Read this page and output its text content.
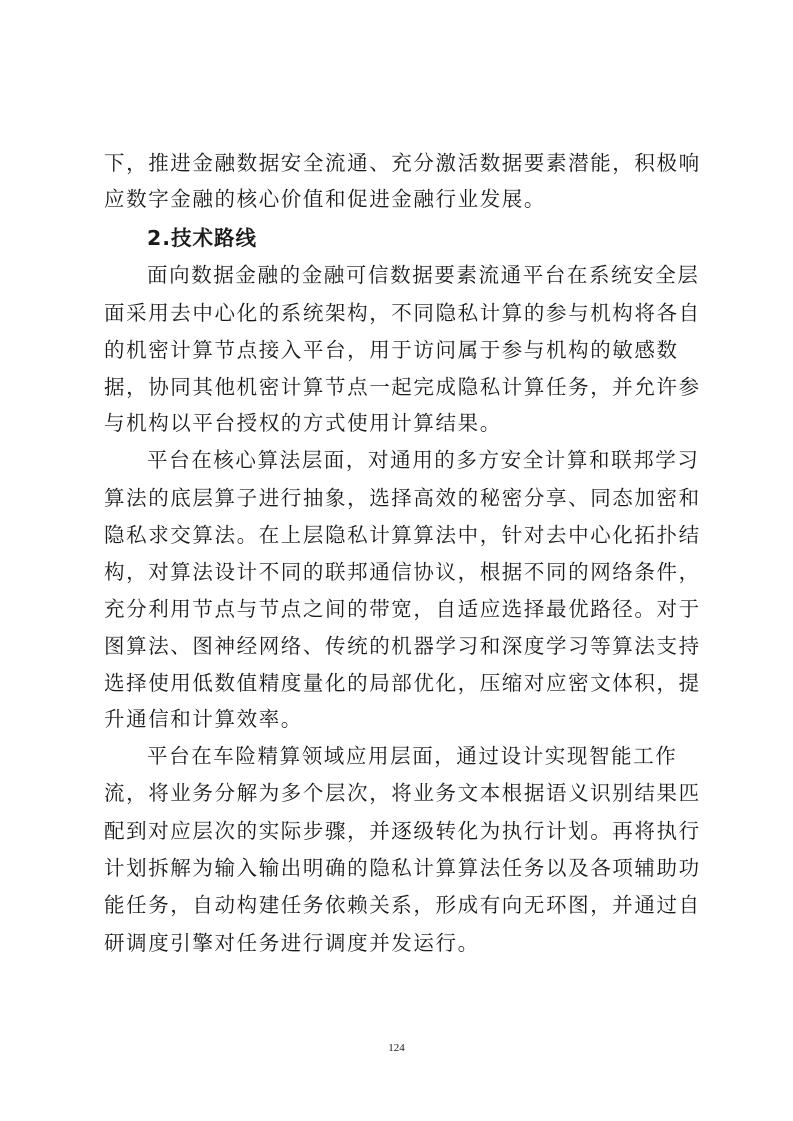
下，推进金融数据安全流通、充分激活数据要素潜能，积极响
应数字金融的核心价值和促进金融行业发展。
2.技术路线
面向数据金融的金融可信数据要素流通平台在系统安全层
面采用去中心化的系统架构，不同隐私计算的参与机构将各自
的机密计算节点接入平台，用于访问属于参与机构的敏感数
据，协同其他机密计算节点一起完成隐私计算任务，并允许参
与机构以平台授权的方式使用计算结果。
平台在核心算法层面，对通用的多方安全计算和联邦学习
算法的底层算子进行抽象，选择高效的秘密分享、同态加密和
隐私求交算法。在上层隐私计算算法中，针对去中心化拓扑结
构，对算法设计不同的联邦通信协议，根据不同的网络条件，
充分利用节点与节点之间的带宽，自适应选择最优路径。对于
图算法、图神经网络、传统的机器学习和深度学习等算法支持
选择使用低数值精度量化的局部优化，压缩对应密文体积，提
升通信和计算效率。
平台在车险精算领域应用层面，通过设计实现智能工作
流，将业务分解为多个层次，将业务文本根据语义识别结果匹
配到对应层次的实际步骤，并逐级转化为执行计划。再将执行
计划拆解为输入输出明确的隐私计算算法任务以及各项辅助功
能任务，自动构建任务依赖关系，形成有向无环图，并通过自
研调度引擎对任务进行调度并发运行。
124
